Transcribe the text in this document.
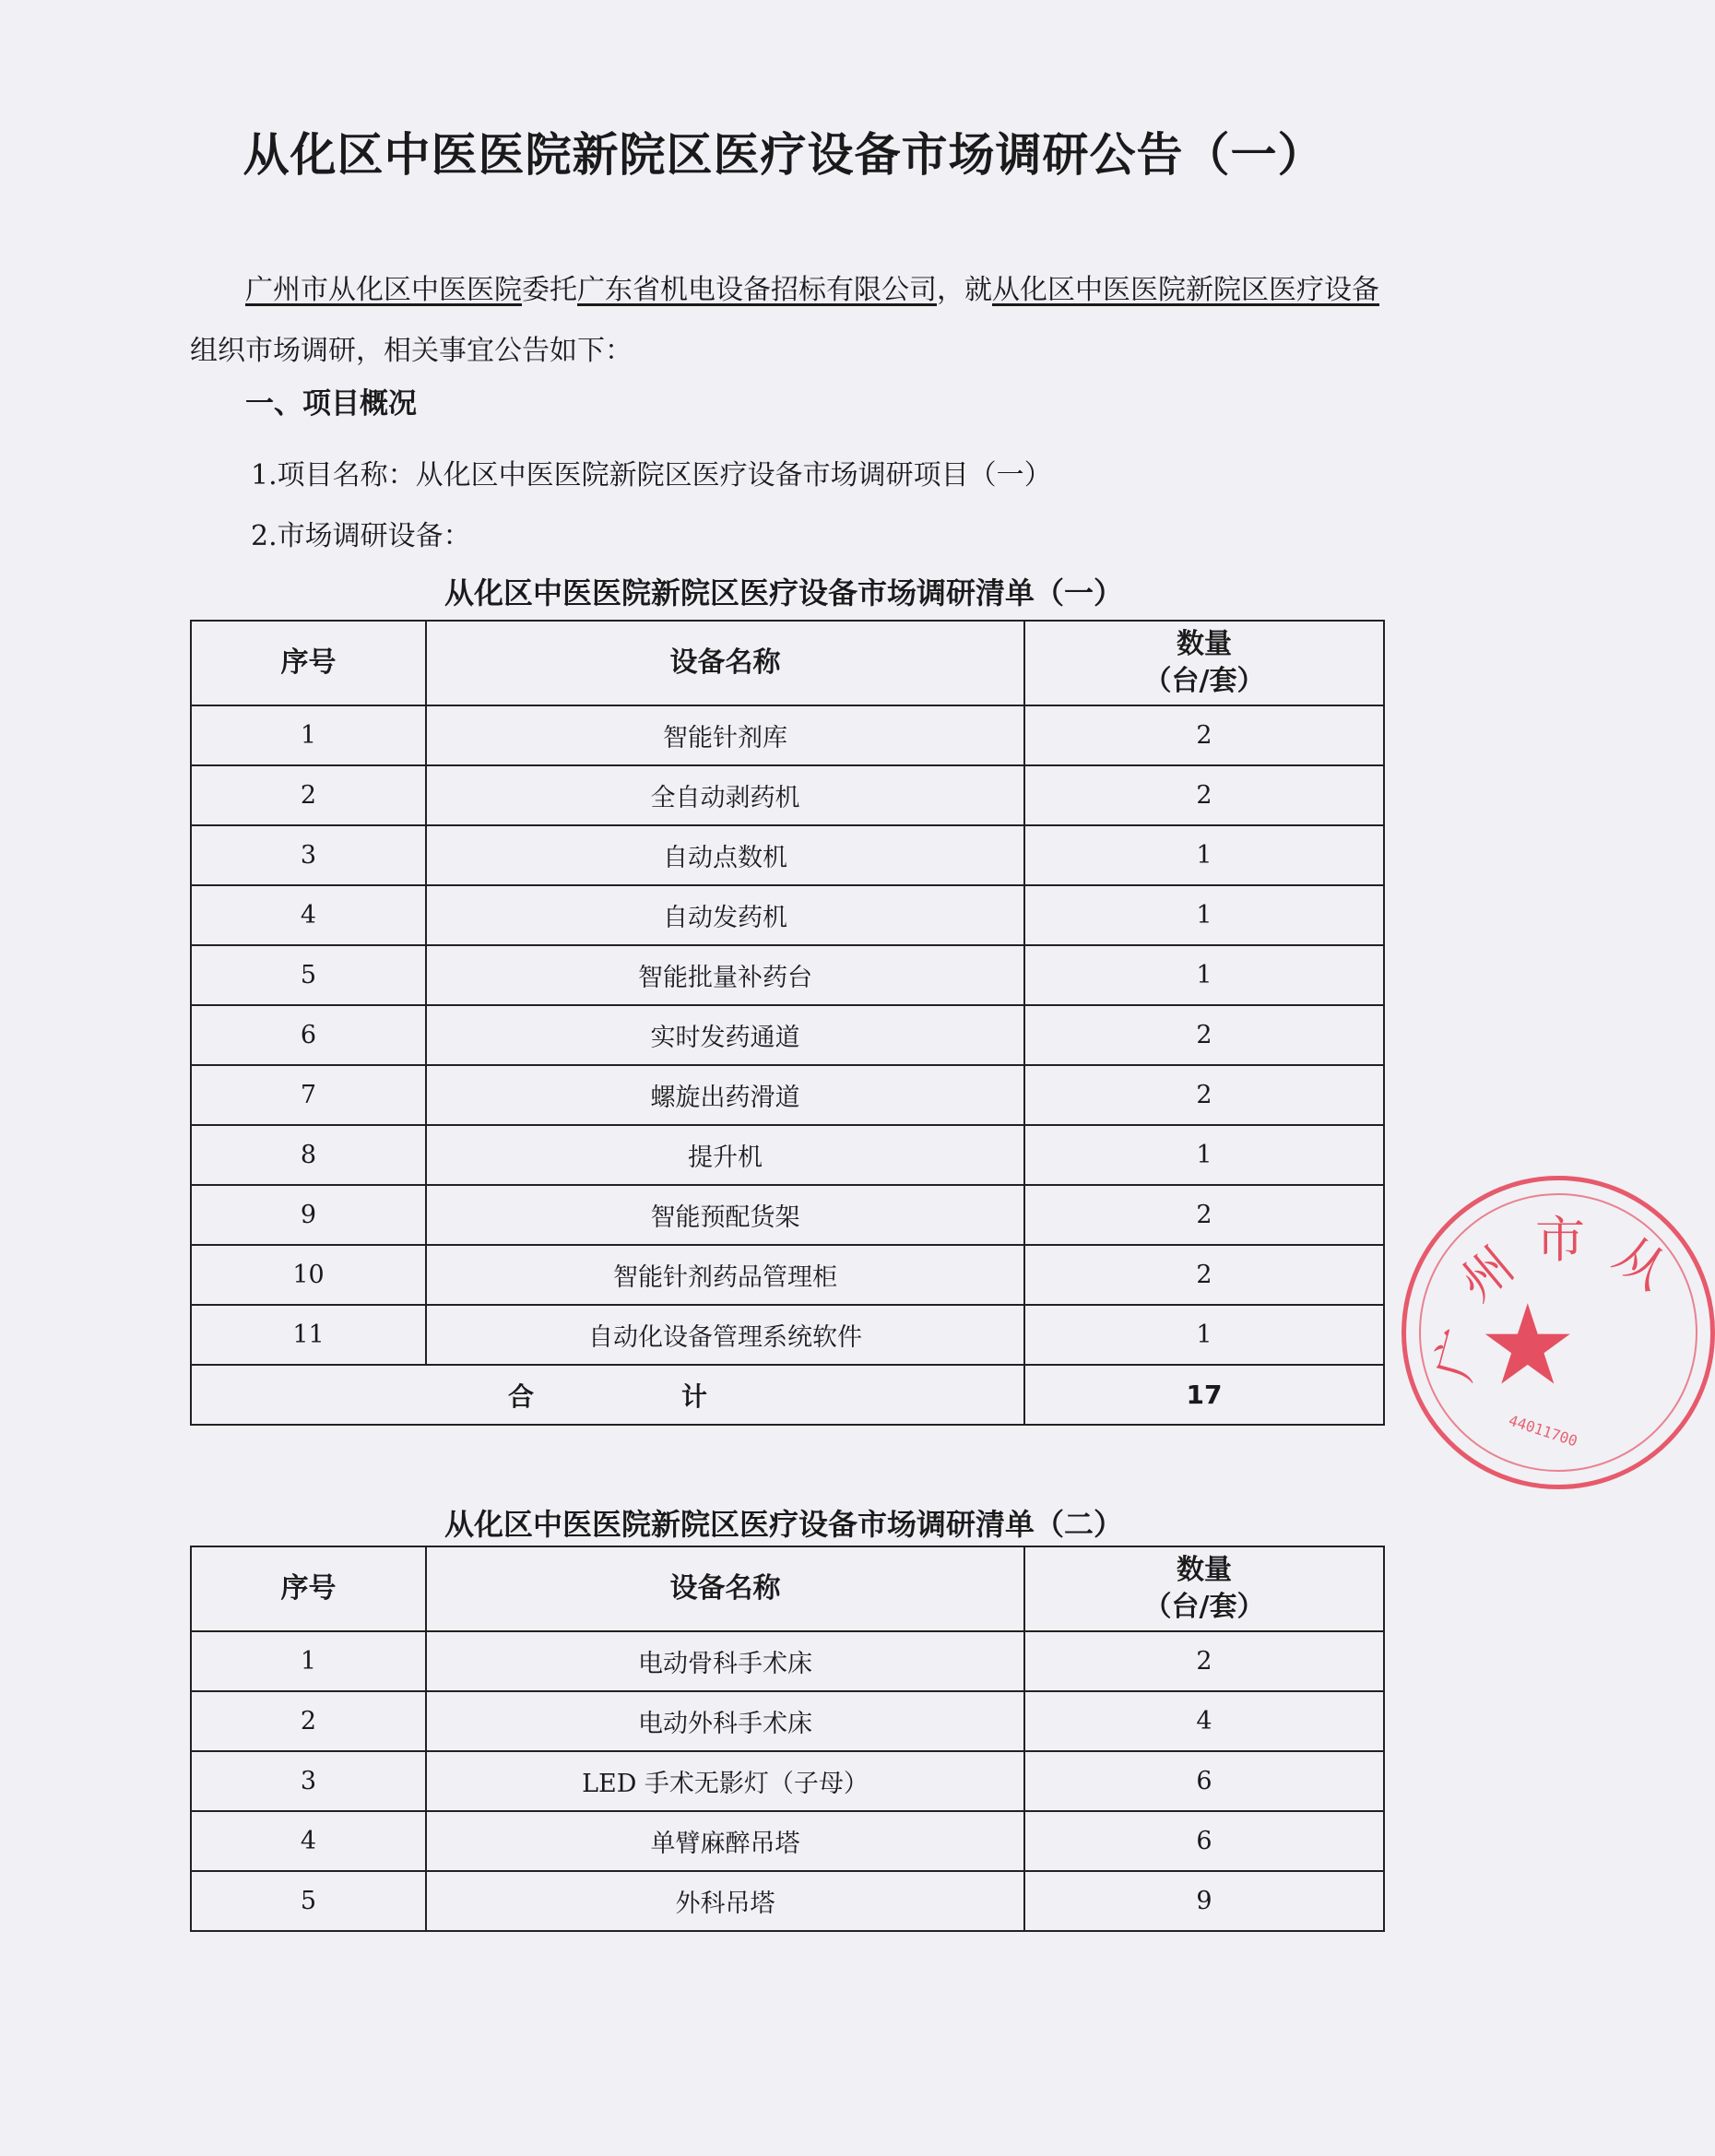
从化区中医医院新院区医疗设备市场调研公告（一）
广州市从化区中医医院委托广东省机电设备招标有限公司，就从化区中医医院新院区医疗设备组织市场调研，相关事宜公告如下：
一、项目概况
1.项目名称：从化区中医医院新院区医疗设备市场调研项目（一）
2.市场调研设备：
从化区中医医院新院区医疗设备市场调研清单（一）
序号	设备名称	数量
（台/套）
1	智能针剂库	2
2	全自动剥药机	2
3	自动点数机	1
4	自动发药机	1
5	智能批量补药台	1
6	实时发药通道	2
7	螺旋出药滑道	2
8	提升机	1
9	智能预配货架	2
10	智能针剂药品管理柜	2
11	自动化设备管理系统软件	1
合 计		17
从化区中医医院新院区医疗设备市场调研清单（二）
序号	设备名称	数量
（台/套）
1	电动骨科手术床	2
2	电动外科手术床	4
3	LED 手术无影灯（子母）	6
4	单臂麻醉吊塔	6
5	外科吊塔	9
广
州 市 从
★
44011700
